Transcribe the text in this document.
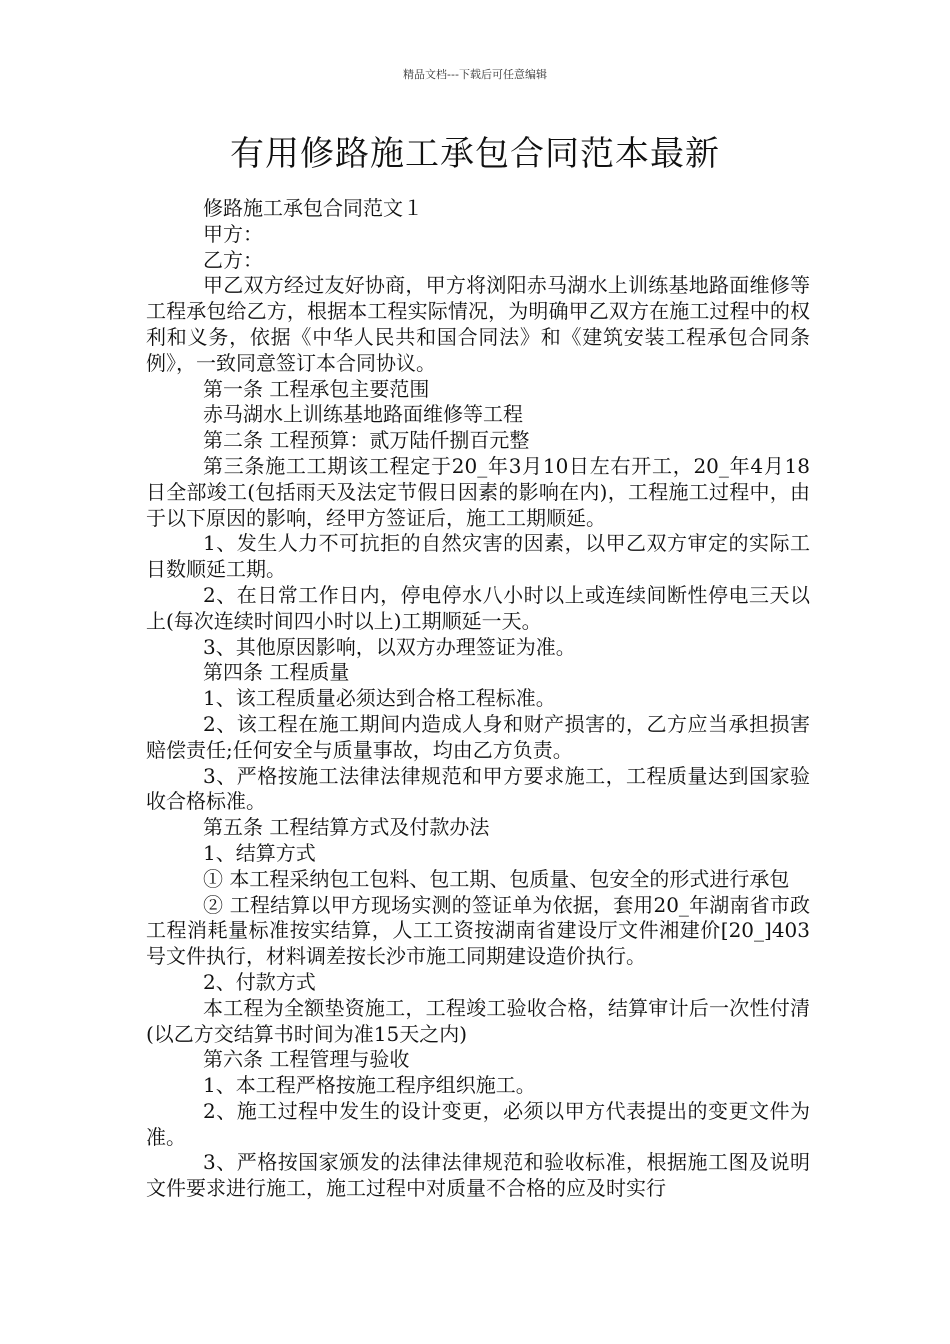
精品文档---下载后可任意编辑
有用修路施工承包合同范本最新

修路施工承包合同范文１

甲方：

乙方：

甲乙双方经过友好协商，甲方将浏阳赤马湖水上训练基地路面维修等工程承包给乙方，根据本工程实际情况，为明确甲乙双方在施工过程中的权利和义务，依据《中华人民共和国合同法》和《建筑安装工程承包合同条例》，一致同意签订本合同协议。

第一条 工程承包主要范围

赤马湖水上训练基地路面维修等工程

第二条 工程预算：贰万陆仟捌百元整

第三条施工工期该工程定于20_年3月10日左右开工，20_年4月18日全部竣工(包括雨天及法定节假日因素的影响在内)，工程施工过程中，由于以下原因的影响，经甲方签证后，施工工期顺延。

1、发生人力不可抗拒的自然灾害的因素，以甲乙双方审定的实际工日数顺延工期。

2、在日常工作日内，停电停水八小时以上或连续间断性停电三天以上(每次连续时间四小时以上)工期顺延一天。

3、其他原因影响，以双方办理签证为准。

第四条 工程质量

1、该工程质量必须达到合格工程标准。

2、该工程在施工期间内造成人身和财产损害的，乙方应当承担损害赔偿责任;任何安全与质量事故，均由乙方负责。

3、严格按施工法律法律规范和甲方要求施工，工程质量达到国家验收合格标准。

第五条 工程结算方式及付款办法

1、结算方式

① 本工程采纳包工包料、包工期、包质量、包安全的形式进行承包

② 工程结算以甲方现场实测的签证单为依据，套用20_年湖南省市政工程消耗量标准按实结算，人工工资按湖南省建设厅文件湘建价[20_]403号文件执行，材料调差按长沙市施工同期建设造价执行。

2、付款方式

本工程为全额垫资施工，工程竣工验收合格，结算审计后一次性付清(以乙方交结算书时间为准15天之内)

第六条 工程管理与验收

1、本工程严格按施工程序组织施工。

2、施工过程中发生的设计变更，必须以甲方代表提出的变更文件为准。

3、严格按国家颁发的法律法律规范和验收标准，根据施工图及说明文件要求进行施工，施工过程中对质量不合格的应及时实行
